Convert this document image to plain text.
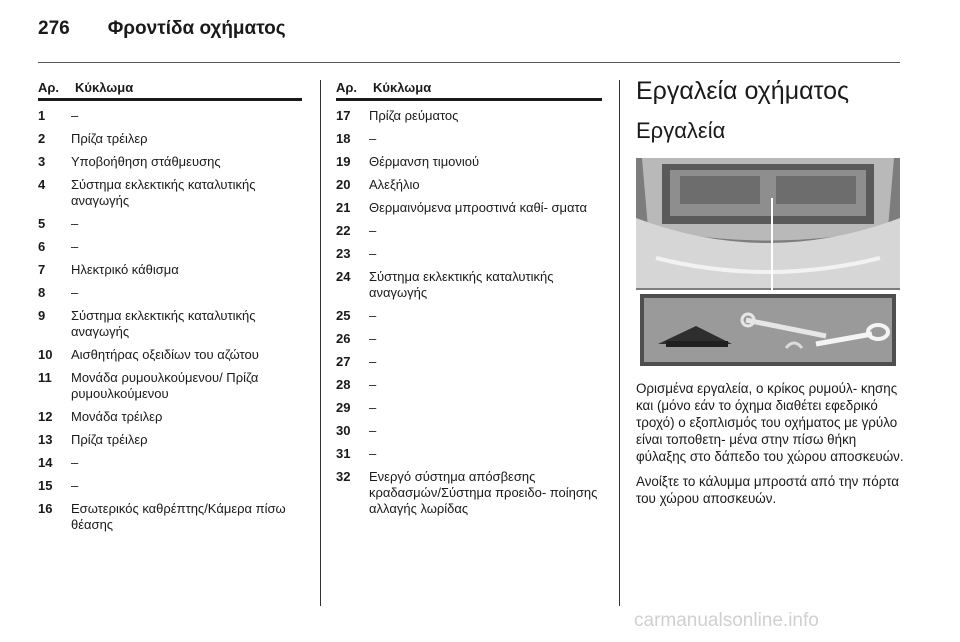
276 Φροντίδα οχήματος
Αρ.	Κύκλωμα
1	–
2	Πρίζα τρέιλερ
3	Υποβοήθηση στάθμευσης
4	Σύστημα εκλεκτικής καταλυτικής αναγωγής
5	–
6	–
7	Ηλεκτρικό κάθισμα
8	–
9	Σύστημα εκλεκτικής καταλυτικής αναγωγής
10	Αισθητήρας οξειδίων του αζώτου
11	Μονάδα ρυμουλκούμενου/ Πρίζα ρυμουλκούμενου
12	Μονάδα τρέιλερ
13	Πρίζα τρέιλερ
14	–
15	–
16	Εσωτερικός καθρέπτης/Κάμερα πίσω θέασης
Αρ.	Κύκλωμα
17	Πρίζα ρεύματος
18	–
19	Θέρμανση τιμονιού
20	Αλεξήλιο
21	Θερμαινόμενα μπροστινά καθί- σματα
22	–
23	–
24	Σύστημα εκλεκτικής καταλυτικής αναγωγής
25	–
26	–
27	–
28	–
29	–
30	–
31	–
32	Ενεργό σύστημα απόσβεσης κραδασμών/Σύστημα προειδο- ποίησης αλλαγής λωρίδας
Εργαλεία οχήματος
Εργαλεία
Ορισμένα εργαλεία, ο κρίκος ρυμούλ- κησης και (μόνο εάν το όχημα διαθέτει εφεδρικό τροχό) ο εξοπλισμός του οχήματος με γρύλο είναι τοποθετη- μένα στην πίσω θήκη φύλαξης στο δάπεδο του χώρου αποσκευών.
Ανοίξτε το κάλυμμα μπροστά από την πόρτα του χώρου αποσκευών.
carmanualsonline.info
